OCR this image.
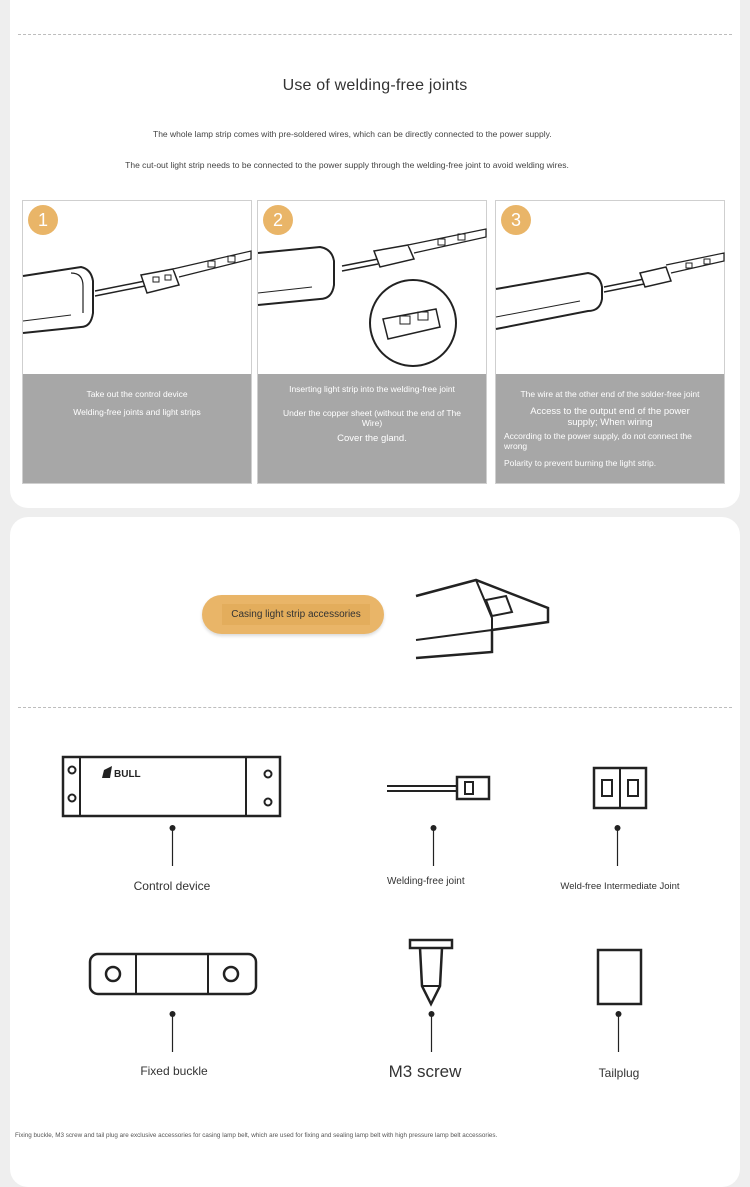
Use of welding-free joints
The whole lamp strip comes with pre-soldered wires, which can be directly connected to the power supply.
The cut-out light strip needs to be connected to the power supply through the welding-free joint to avoid welding wires.
1

Take out the control device

Welding-free joints and light strips

2

Inserting light strip into the welding-free joint

Under the copper sheet (without the end of The Wire)

Cover the gland.

3

The wire at the other end of the solder-free joint

Access to the output end of the power supply; When wiring

According to the power supply, do not connect the wrong

Polarity to prevent burning the light strip.

Casing light strip accessories
BULL
Control device	Welding-free joint	Weld-free Intermediate Joint
Fixed buckle	M3 screw	Tailplug
Fixing buckle, M3 screw and tail plug are exclusive accessories for casing lamp belt, which are used for fixing and sealing lamp belt with high pressure lamp belt accessories.
